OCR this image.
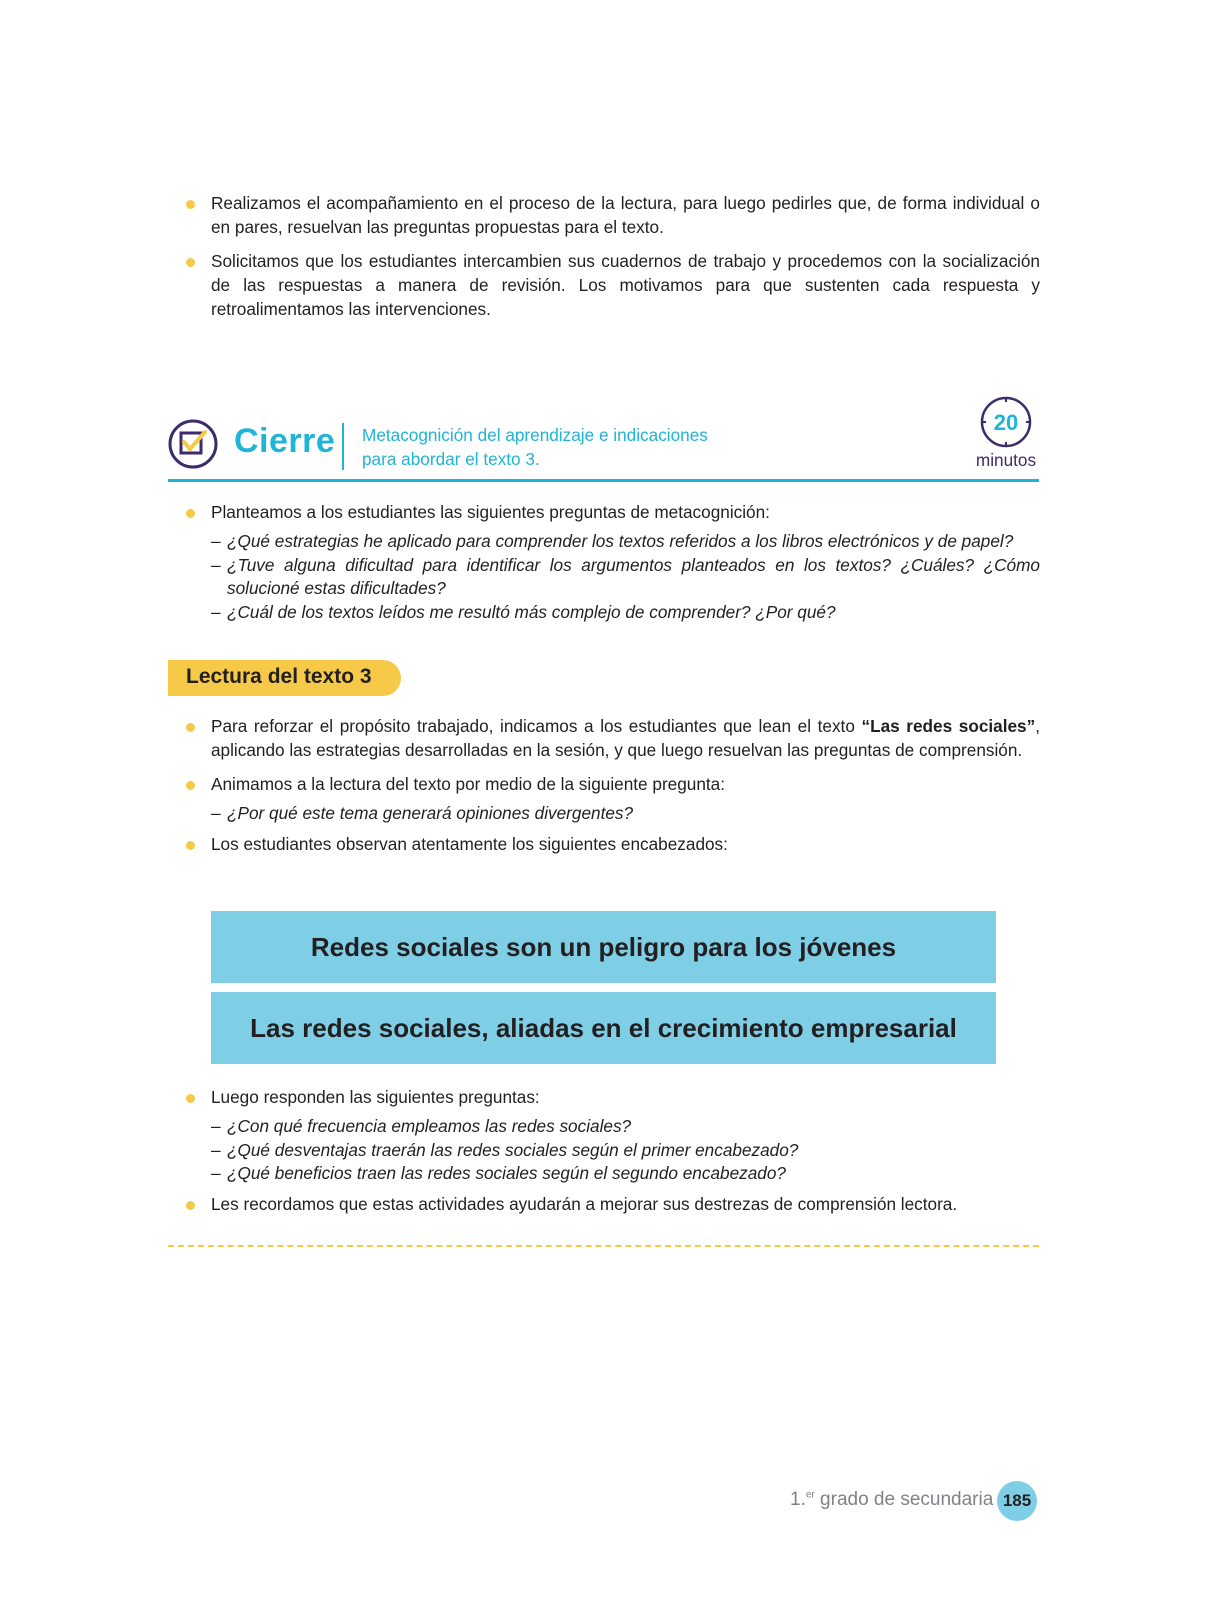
Realizamos el acompañamiento en el proceso de la lectura, para luego pedirles que, de forma individual o en pares, resuelvan las preguntas propuestas para el texto.
Solicitamos que los estudiantes intercambien sus cuadernos de trabajo y procedemos con la socialización de las respuestas a manera de revisión. Los motivamos para que sustenten cada respuesta y retroalimentamos las intervenciones.
Cierre Metacognición del aprendizaje e indicaciones
para abordar el texto 3.
20
minutos
Planteamos a los estudiantes las siguientes preguntas de metacognición:
– ¿Qué estrategias he aplicado para comprender los textos referidos a los libros electrónicos y de papel?
– ¿Tuve alguna dificultad para identificar los argumentos planteados en los textos? ¿Cuáles? ¿Cómo solucioné estas dificultades?
– ¿Cuál de los textos leídos me resultó más complejo de comprender? ¿Por qué?
Lectura del texto 3
Para reforzar el propósito trabajado, indicamos a los estudiantes que lean el texto “Las redes sociales”, aplicando las estrategias desarrolladas en la sesión, y que luego resuelvan las preguntas de comprensión.
Animamos a la lectura del texto por medio de la siguiente pregunta:
– ¿Por qué este tema generará opiniones divergentes?
Los estudiantes observan atentamente los siguientes encabezados:
Redes sociales son un peligro para los jóvenes
Las redes sociales, aliadas en el crecimiento empresarial
Luego responden las siguientes preguntas:
– ¿Con qué frecuencia empleamos las redes sociales?
– ¿Qué desventajas traerán las redes sociales según el primer encabezado?
– ¿Qué beneficios traen las redes sociales según el segundo encabezado?
Les recordamos que estas actividades ayudarán a mejorar sus destrezas de comprensión lectora.
1.$^{er}$ grado de secundaria 185
